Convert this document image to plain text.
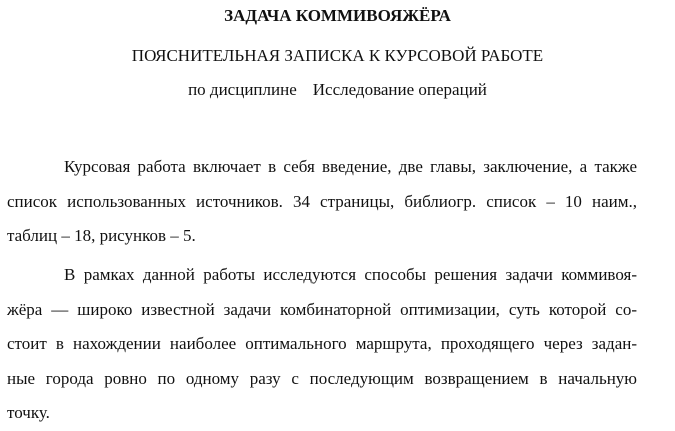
ЗАДАЧА КОММИВОЯЖЁРА

ПОЯСНИТЕЛЬНАЯ ЗАПИСКА К КУРСОВОЙ РАБОТЕ

по дисциплине Исследование операций

Курсовая работа включает в себя введение, две главы, заключение, а также
список использованных источников. 34 страницы, библиогр. список – 10 наим.,
таблиц – 18, рисунков – 5.

В рамках данной работы исследуются способы решения задачи коммивоя-
жёра — широко известной задачи комбинаторной оптимизации, суть которой со-
стоит в нахождении наиболее оптимального маршрута, проходящего через задан-
ные города ровно по одному разу с последующим возвращением в начальную
точку.
